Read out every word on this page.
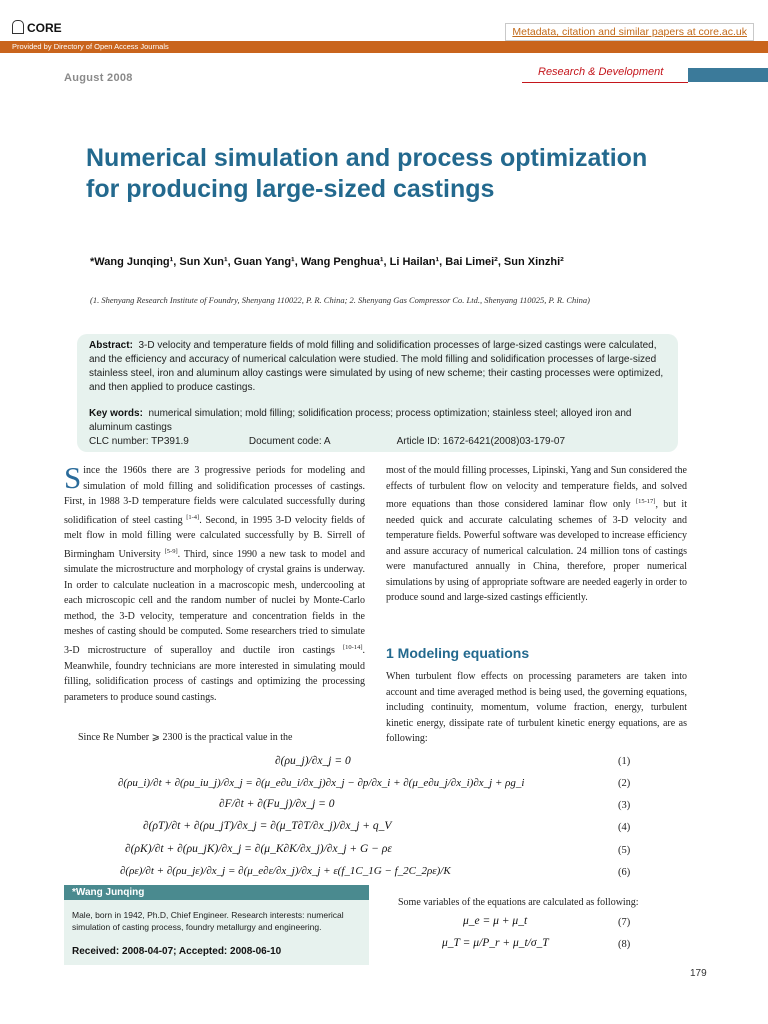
CORE	Metadata, citation and similar papers at core.ac.uk
Provided by Directory of Open Access Journals
August 2008	Research & Development
Numerical simulation and process optimization for producing large-sized castings
*Wang Junqing¹, Sun Xun¹, Guan Yang¹, Wang Penghua¹, Li Hailan¹, Bai Limei², Sun Xinzhi²
(1. Shenyang Research Institute of Foundry, Shenyang 110022, P. R. China; 2. Shenyang Gas Compressor Co. Ltd., Shenyang 110025, P. R. China)
Abstract: 3-D velocity and temperature fields of mold filling and solidification processes of large-sized castings were calculated, and the efficiency and accuracy of numerical calculation were studied. The mold filling and solidification processes of large-sized stainless steel, iron and aluminum alloy castings were simulated by using of new scheme; their casting processes were optimized, and then applied to produce castings.
Key words: numerical simulation; mold filling; solidification process; process optimization; stainless steel; alloyed iron and aluminum castings
CLC number: TP391.9	Document code: A	Article ID: 1672-6421(2008)03-179-07
Since the 1960s there are 3 progressive periods for modeling and simulation of mold filling and solidification processes of castings. First, in 1988 3-D temperature fields were calculated successfully during solidification of steel casting [1-4]. Second, in 1995 3-D velocity fields of melt flow in mold filling were calculated successfully by B. Sirrell of Birmingham University [5-9]. Third, since 1990 a new task to model and simulate the microstructure and morphology of crystal grains is underway. In order to calculate nucleation in a macroscopic mesh, undercooling at each microscopic cell and the random number of nuclei by Monte-Carlo method, the 3-D velocity, temperature and concentration fields in the meshes of casting should be computed. Some researchers tried to simulate 3-D microstructure of superalloy and ductile iron castings [10-14]. Meanwhile, foundry technicians are more interested in simulating mould filling, solidification process of castings and optimizing the processing parameters to produce sound castings.
Since Re Number ⩾ 2300 is the practical value in the
most of the mould filling processes, Lipinski, Yang and Sun considered the effects of turbulent flow on velocity and temperature fields, and solved more equations than those considered laminar flow only [15-17], but it needed quick and accurate calculating schemes of 3-D velocity and temperature fields. Powerful software was developed to increase efficiency and assure accuracy of numerical calculation. 24 million tons of castings were manufactured annually in China, therefore, proper numerical simulations by using of appropriate software are needed eagerly in order to produce sound and large-sized castings efficiently.
1 Modeling equations
When turbulent flow effects on processing parameters are taken into account and time averaged method is being used, the governing equations, including continuity, momentum, volume fraction, energy, turbulent kinetic energy, dissipate rate of turbulent kinetic energy equations, are as following:
∂(ρu_j)/∂x_j = 0	(1)
∂(ρu_i)/∂t + ∂(ρu_iu_j)/∂x_j = ∂(μ_e∂u_i/∂x_j)∂x_j − ∂p/∂x_i + ∂(μ_e∂u_j/∂x_i)∂x_j + ρg_i	(2)
∂F/∂t + ∂(Fu_j)/∂x_j = 0	(3)
∂(ρT)/∂t + ∂(ρu_jT)/∂x_j = ∂(μ_T∂T/∂x_j)/∂x_j + q_V	(4)
∂(ρK)/∂t + ∂(ρu_jK)/∂x_j = ∂(μ_K∂K/∂x_j)/∂x_j + G − ρε	(5)
∂(ρε)/∂t + ∂(ρu_jε)/∂x_j = ∂(μ_e∂ε/∂x_j)/∂x_j + ε(f_1C_1G − f_2C_2ρε)/K	(6)
*Wang Junqing
Male, born in 1942, Ph.D, Chief Engineer. Research interests: numerical simulation of casting process, foundry metallurgy and engineering.
Received: 2008-04-07; Accepted: 2008-06-10
Some variables of the equations are calculated as following:
μ_e = μ + μ_t	(7)
μ_T = μ/P_r + μ_t/σ_T	(8)
179
